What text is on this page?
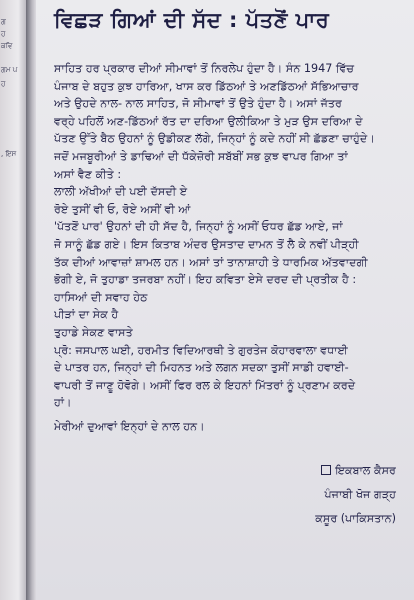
ਗ
ਹ
ਕਵਿ
ਗਮ ਪ
ਹ
, ਇਸ
ਵਿਛੜ ਗਿਆਂ ਦੀ ਸੱਦ : ਪੱਤਣੋਂ ਪਾਰ
ਸਾਹਿਤ ਹਰ ਪ੍ਰਕਾਰ ਦੀਆਂ ਸੀਮਾਵਾਂ ਤੋਂ ਨਿਰਲੇਪ ਹੁੰਦਾ ਹੈ। ਸੰਨ 1947 ਵਿੱਚ
ਪੰਜਾਬ ਦੇ ਬਹੁਤ ਕੁਝ ਹਾਰਿਆ, ਖਾਸ ਕਰ ਡਿੱਠਆਂ ਤੇ ਅਣਡਿੱਠਆਂ ਸੱਭਿਆਚਾਰ
ਅਤੇ ਉਹਦੇ ਨਾਲ- ਨਾਲ ਸਾਹਿਤ, ਜੋ ਸੀਮਾਵਾਂ ਤੋਂ ਉਤੇ ਹੁੰਦਾ ਹੈ। ਅਸਾਂ ਜੱਤਰ
ਵਰ੍ਹੇ ਪਹਿਲੋਂ ਅਣ-ਡਿੱਠਆਂ ਰੱਤ ਦਾ ਦਰਿਆ ਉਲੀਕਿਆ ਤੇ ਮੁੜ ਉਸ ਦਰਿਆ ਦੇ
ਪੱਤਣ ਉੱਤੇ ਬੈਠ ਉਹਨਾਂ ਨੂੰ ਉਡੀਕਣ ਲੱਗੇ, ਜਿਨ੍ਹਾਂ ਨੂੰ ਕਦੇ ਨਹੀਂ ਸੀ ਛੱਡਣਾ ਚਾਹੁੰਦੇ।
ਜਦੋਂ ਮਜਬੂਰੀਆਂ ਤੇ ਡਾਢਿਆਂ ਦੀ ਧੱਕੇਜ਼ੋਰੀ ਸਬੱਬੀਂ ਸਭ ਕੁਝ ਵਾਪਰ ਗਿਆ ਤਾਂ
ਅਸਾਂ ਵੈਣ ਕੀਤੇ :
ਲਾਲੀ ਅੱਖੀਆਂ ਦੀ ਪਈ ਦੱਸਦੀ ਏ
ਰੋਏ ਤੁਸੀਂ ਵੀ ਓ, ਰੋਏ ਅਸੀਂ ਵੀ ਆਂ
'ਪੱਤਣੋਂ ਪਾਰ' ਉਹਨਾਂ ਦੀ ਹੀ ਸੱਦ ਹੈ, ਜਿਨ੍ਹਾਂ ਨੂੰ ਅਸੀਂ ਓਧਰ ਛੱਡ ਆਏ, ਜਾਂ
ਜੋ ਸਾਨੂੰ ਛੱਡ ਗਏ। ਇਸ ਕਿਤਾਬ ਅੰਦਰ ਉਸਤਾਦ ਦਾਮਨ ਤੋਂ ਲੈ ਕੇ ਨਵੀਂ ਪੀੜ੍ਹੀ
ਤੱਕ ਦੀਆਂ ਆਵਾਜ਼ਾਂ ਸ਼ਾਮਲ ਹਨ। ਅਸਾਂ ਤਾਂ ਤਾਨਾਸ਼ਾਹੀ ਤੇ ਧਾਰਮਿਕ ਅੱਤਵਾਦਗੀ
ਭੋਗੀ ਏ, ਜੋ ਤੁਹਾਡਾ ਤਜਰਬਾ ਨਹੀਂ। ਇਹ ਕਵਿਤਾ ਏਸੇ ਦਰਦ ਦੀ ਪ੍ਰਤੀਕ ਹੈ :
ਹਾਸਿਆਂ ਦੀ ਸਵਾਹ ਹੇਠ
ਪੀੜਾਂ ਦਾ ਸੇਕ ਹੈ
ਤੁਹਾਡੇ ਸੇਕਣ ਵਾਸਤੇ
ਪ੍ਰੋ: ਜਸਪਾਲ ਘਈ, ਹਰਮੀਤ ਵਿਦਿਆਰਥੀ ਤੇ ਗੁਰਤੇਜ ਕੋਹਾਰਵਾਲਾ ਵਧਾਈ
ਦੇ ਪਾਤਰ ਹਨ, ਜਿਨ੍ਹਾਂ ਦੀ ਮਿਹਨਤ ਅਤੇ ਲਗਨ ਸਦਕਾ ਤੁਸੀਂ ਸਾਡੀ ਹਵਾਈ-
ਵਾਪਰੀ ਤੋਂ ਜਾਣੂ ਹੋਵੋਗੇ। ਅਸੀਂ ਫਿਰ ਰਲ ਕੇ ਇਹਨਾਂ ਮਿੱਤਰਾਂ ਨੂੰ ਪ੍ਰਣਾਮ ਕਰਦੇ
ਹਾਂ।
ਮੇਰੀਆਂ ਦੁਆਵਾਂ ਇਨ੍ਹਾਂ ਦੇ ਨਾਲ ਹਨ।
ਇਕਬਾਲ ਕੈਸਰ
ਪੰਜਾਬੀ ਖੋਜ ਗੜ੍ਹ
ਕਸੂਰ (ਪਾਕਿਸਤਾਨ)
